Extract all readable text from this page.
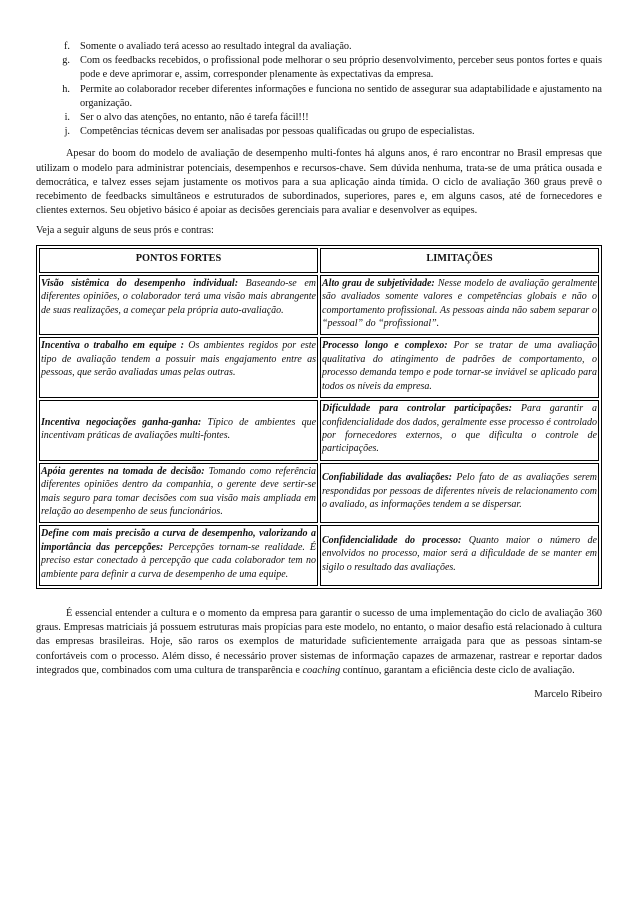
f. Somente o avaliado terá acesso ao resultado integral da avaliação.
g. Com os feedbacks recebidos, o profissional pode melhorar o seu próprio desenvolvimento, perceber seus pontos fortes e quais pode e deve aprimorar e, assim, corresponder plenamente às expectativas da empresa.
h. Permite ao colaborador receber diferentes informações e funciona no sentido de assegurar sua adaptabilidade e ajustamento na organização.
i. Ser o alvo das atenções, no entanto, não é tarefa fácil!!!
j. Competências técnicas devem ser analisadas por pessoas qualificadas ou grupo de especialistas.

Apesar do boom do modelo de avaliação de desempenho multi-fontes há alguns anos, é raro encontrar no Brasil empresas que utilizam o modelo para administrar potenciais, desempenhos e recursos-chave. Sem dúvida nenhuma, trata-se de uma prática ousada e democrática, e talvez esses sejam justamente os motivos para a sua aplicação ainda tímida. O ciclo de avaliação 360 graus prevê o recebimento de feedbacks simultâneos e estruturados de subordinados, superiores, pares e, em alguns casos, até de fornecedores e clientes externos. Seu objetivo básico é apoiar as decisões gerenciais para avaliar e desenvolver as equipes.

Veja a seguir alguns de seus prós e contras:

PONTOS FORTES	LIMITAÇÕES
Visão sistêmica do desempenho individual: Baseando-se em diferentes opiniões, o colaborador terá uma visão mais abrangente de suas realizações, a começar pela própria auto-avaliação.	Alto grau de subjetividade: Nesse modelo de avaliação geralmente são avaliados somente valores e competências globais e não o comportamento profissional. As pessoas ainda não sabem separar o “pessoal” do “profissional”.
Incentiva o trabalho em equipe : Os ambientes regidos por este tipo de avaliação tendem a possuir mais engajamento entre as pessoas, que serão avaliadas umas pelas outras.	Processo longo e complexo: Por se tratar de uma avaliação qualitativa do atingimento de padrões de comportamento, o processo demanda tempo e pode tornar-se inviável se aplicado para todos os níveis da empresa.
Incentiva negociações ganha-ganha: Típico de ambientes que incentivam práticas de avaliações multi-fontes.	Dificuldade para controlar participações: Para garantir a confidencialidade dos dados, geralmente esse processo é controlado por fornecedores externos, o que dificulta o controle de participações.
Apóia gerentes na tomada de decisão: Tomando como referência diferentes opiniões dentro da companhia, o gerente deve sertir-se mais seguro para tomar decisões com sua visão mais ampliada em relação ao desempenho de seus funcionários.	Confiabilidade das avaliações: Pelo fato de as avaliações serem respondidas por pessoas de diferentes níveis de relacionamento com o avaliado, as informações tendem a se dispersar.
Define com mais precisão a curva de desempenho, valorizando a importância das percepções: Percepções tornam-se realidade. É preciso estar conectado à percepção que cada colaborador tem no ambiente para definir a curva de desempenho de uma equipe.	Confidencialidade do processo: Quanto maior o número de envolvidos no processo, maior será a dificuldade de se manter em sigilo o resultado das avaliações.

É essencial entender a cultura e o momento da empresa para garantir o sucesso de uma implementação do ciclo de avaliação 360 graus. Empresas matriciais já possuem estruturas mais propícias para este modelo, no entanto, o maior desafio está relacionado à cultura das empresas brasileiras. Hoje, são raros os exemplos de maturidade suficientemente arraigada para que as pessoas sintam-se confortáveis com o processo. Além disso, é necessário prover sistemas de informação capazes de armazenar, rastrear e reportar dados integrados que, combinados com uma cultura de transparência e coaching contínuo, garantam a eficiência deste ciclo de avaliação.

Marcelo Ribeiro
